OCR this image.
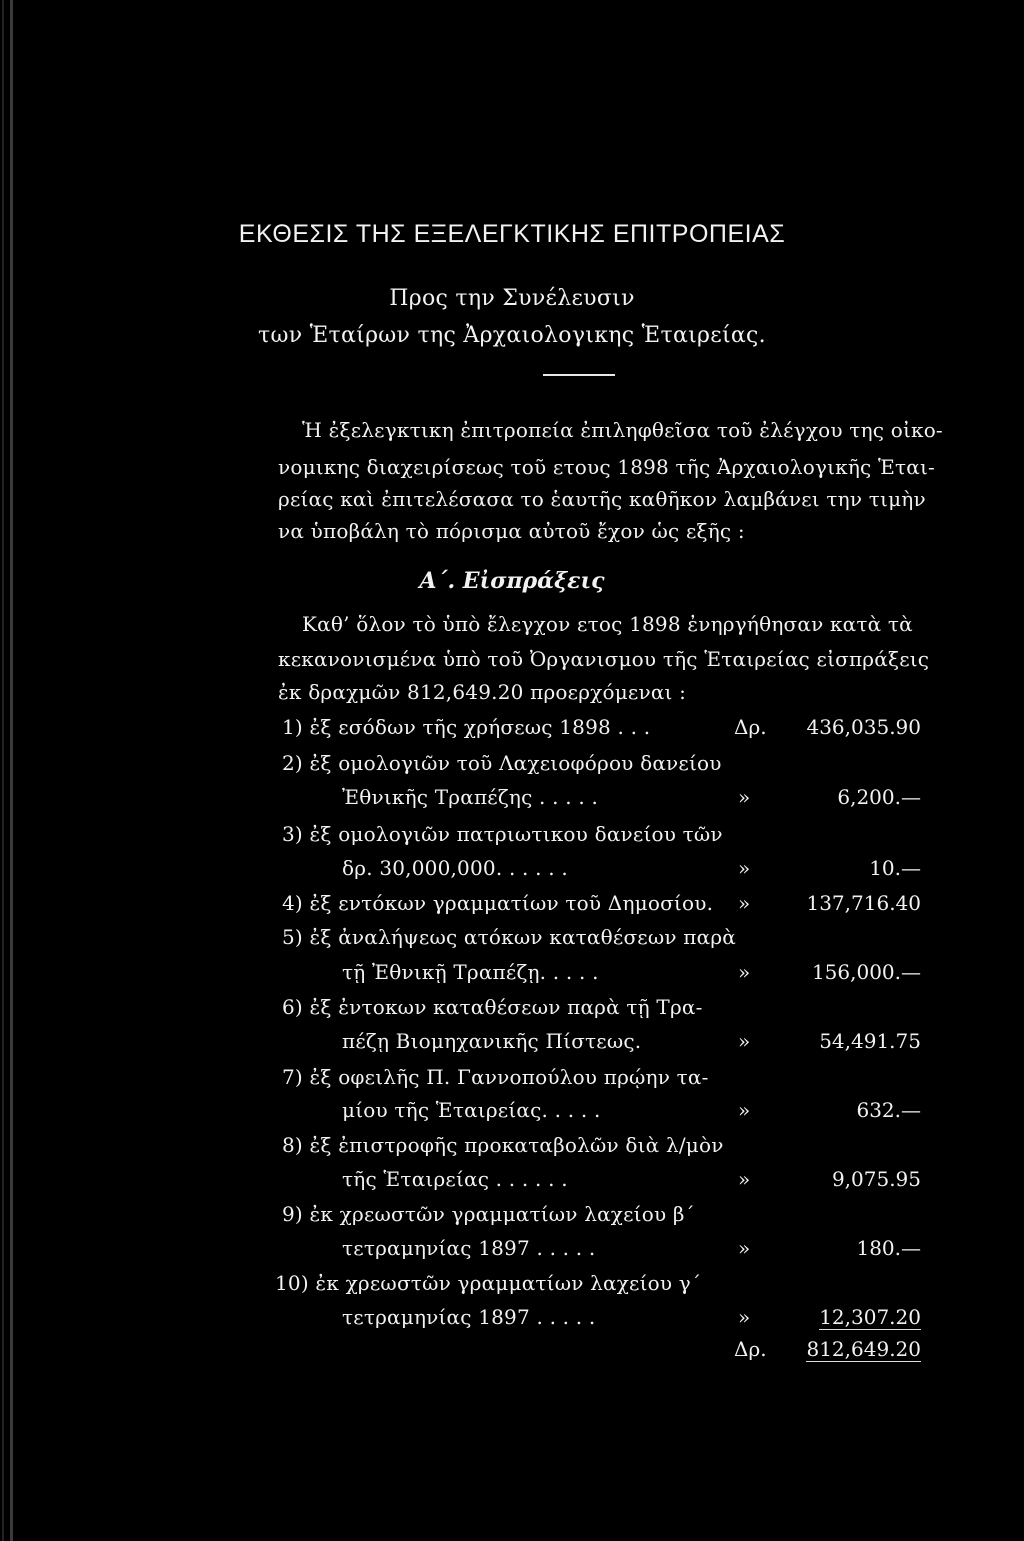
ΕΚΘΕΣΙΣ ΤΗΣ ΕΞΕΛΕΓΚΤΙΚΗΣ ΕΠΙΤΡΟΠΕΙΑΣ
Προς την Συνέλευσιν
των Ἑταίρων της Ἀρχαιολογικης Ἑταιρείας.
Ἡ ἐξελεγκτικη ἐπιτροπεία ἐπιληφθεῖσα τοῦ ἐλέγχου της οἰκο-
νομικης διαχειρίσεως τοῦ ετους 1898 τῆς Ἀρχαιολογικῆς Ἑται-
ρείας καὶ ἐπιτελέσασα το ἑαυτῆς καθῆκον λαμβάνει την τιμὴν
να ὑποβάλη τὸ πόρισμα αὐτοῦ ἔχον ὡς εξῆς :
Α΄. Εἰσπράξεις
Καθ’ ὅλον τὸ ὑπὸ ἔλεγχον ετος 1898 ἐνηργήθησαν κατὰ τὰ
κεκανονισμένα ὑπὸ τοῦ Ὀργανισμου τῆς Ἑταιρείας εἰσπράξεις
ἐκ δραχμῶν 812,649.20 προερχόμεναι :
1) ἐξ εσόδων τῆς χρήσεως 1898 . . .	Δρ. 436,035.90
2) ἐξ ομολογιῶν τοῦ Λαχειοφόρου δανείου
Ἐθνικῆς Τραπέζης . . . . .	»	6,200.—
3) ἐξ ομολογιῶν πατριωτικου δανείου τῶν
δρ. 30,000,000. . . . . .	»	10.—
4) ἐξ εντόκων γραμματίων τοῦ Δημοσίου. »	137,716.40
5) ἐξ ἀναλήψεως ατόκων καταθέσεων παρὰ
τῇ Ἐθνικῇ Τραπέζῃ. . . . .	»	156,000.—
6) ἐξ ἐντοκων καταθέσεων παρὰ τῇ Τρα-
πέζῃ Βιομηχανικῆς Πίστεως.	»	54,491.75
7) ἐξ οφειλῆς Π. Γαννοπούλου πρῴην τα-
μίου τῆς Ἑταιρείας. . . . .	»	632.—
8) ἐξ ἐπιστροφῆς προκαταβολῶν διὰ λ/μὸν
τῆς Ἑταιρείας . . . . . .	»	9,075.95
9) ἐκ χρεωστῶν γραμματίων λαχείου β΄
τετραμηνίας 1897 . . . . .	»	180.—
10) ἐκ χρεωστῶν γραμματίων λαχείου γ΄
τετραμηνίας 1897 . . . . .	»	12,307.20
Δρ. 812,649.20
